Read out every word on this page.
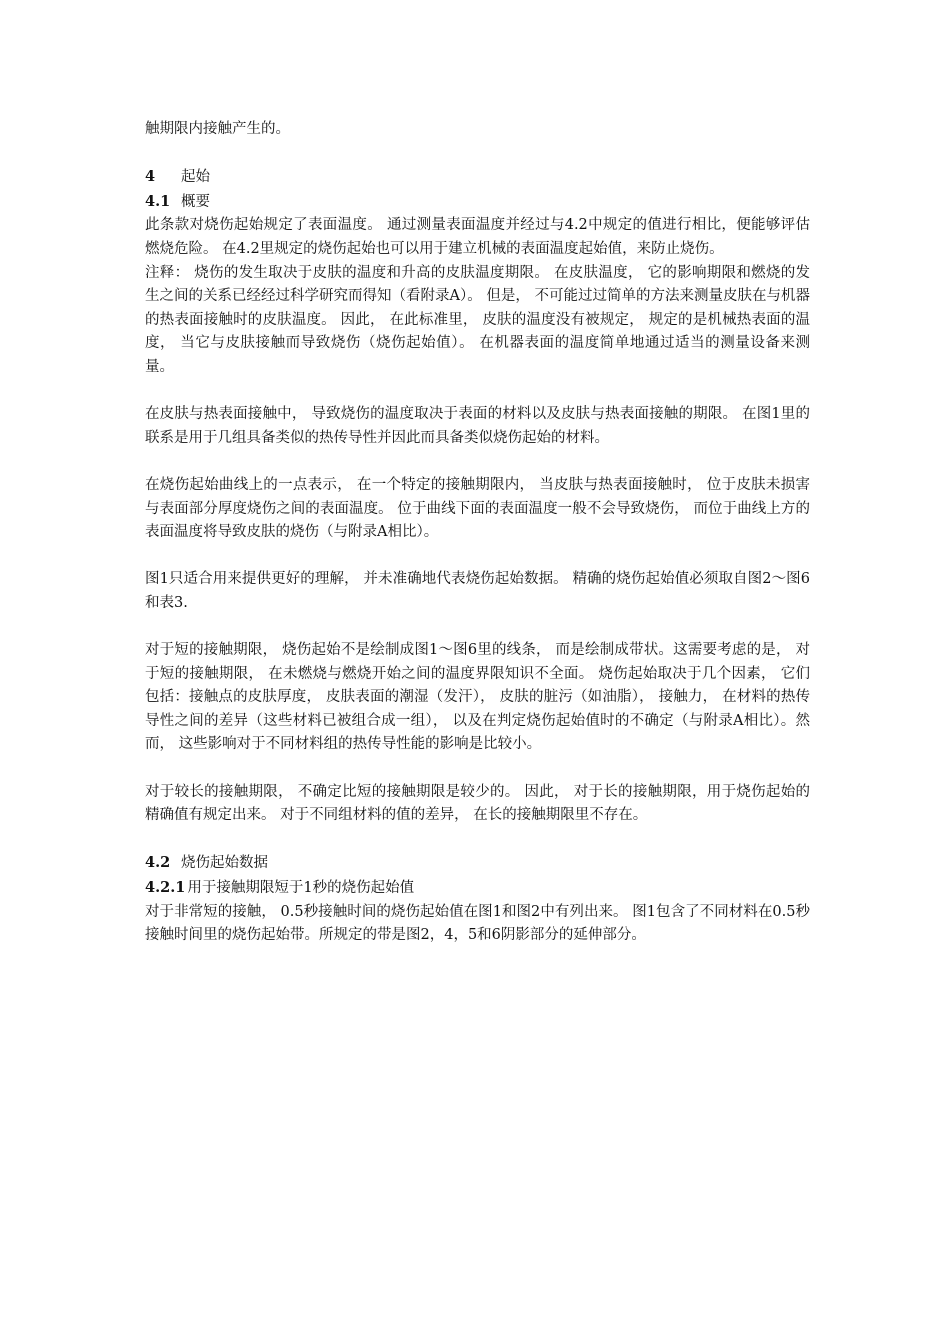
触期限内接触产生的。

4 起始

4.1 概要

此条款对烧伤起始规定了表面温度。 通过测量表面温度并经过与4.2中规定的值进行相比，便能够评估燃烧危险。 在4.2里规定的烧伤起始也可以用于建立机械的表面温度起始值，来防止烧伤。

注释： 烧伤的发生取决于皮肤的温度和升高的皮肤温度期限。 在皮肤温度， 它的影响期限和燃烧的发生之间的关系已经经过科学研究而得知（看附录A）。 但是， 不可能过过简单的方法来测量皮肤在与机器的热表面接触时的皮肤温度。 因此， 在此标准里， 皮肤的温度没有被规定， 规定的是机械热表面的温度， 当它与皮肤接触而导致烧伤（烧伤起始值）。 在机器表面的温度简单地通过适当的测量设备来测量。

在皮肤与热表面接触中， 导致烧伤的温度取决于表面的材料以及皮肤与热表面接触的期限。 在图1里的联系是用于几组具备类似的热传导性并因此而具备类似烧伤起始的材料。

在烧伤起始曲线上的一点表示， 在一个特定的接触期限内， 当皮肤与热表面接触时， 位于皮肤未损害与表面部分厚度烧伤之间的表面温度。 位于曲线下面的表面温度一般不会导致烧伤， 而位于曲线上方的表面温度将导致皮肤的烧伤（与附录A相比）。

图1只适合用来提供更好的理解， 并未准确地代表烧伤起始数据。 精确的烧伤起始值必须取自图2～图6和表3.

对于短的接触期限， 烧伤起始不是绘制成图1～图6里的线条， 而是绘制成带状。这需要考虑的是， 对于短的接触期限， 在未燃烧与燃烧开始之间的温度界限知识不全面。 烧伤起始取决于几个因素， 它们包括：接触点的皮肤厚度， 皮肤表面的潮湿（发汗）， 皮肤的脏污（如油脂）， 接触力， 在材料的热传导性之间的差异（这些材料已被组合成一组）， 以及在判定烧伤起始值时的不确定（与附录A相比）。然而， 这些影响对于不同材料组的热传导性能的影响是比较小。

对于较长的接触期限， 不确定比短的接触期限是较少的。 因此， 对于长的接触期限，用于烧伤起始的精确值有规定出来。 对于不同组材料的值的差异， 在长的接触期限里不存在。

4.2 烧伤起始数据

4.2.1 用于接触期限短于1秒的烧伤起始值

对于非常短的接触， 0.5秒接触时间的烧伤起始值在图1和图2中有列出来。 图1包含了不同材料在0.5秒接触时间里的烧伤起始带。所规定的带是图2，4，5和6阴影部分的延伸部分。
